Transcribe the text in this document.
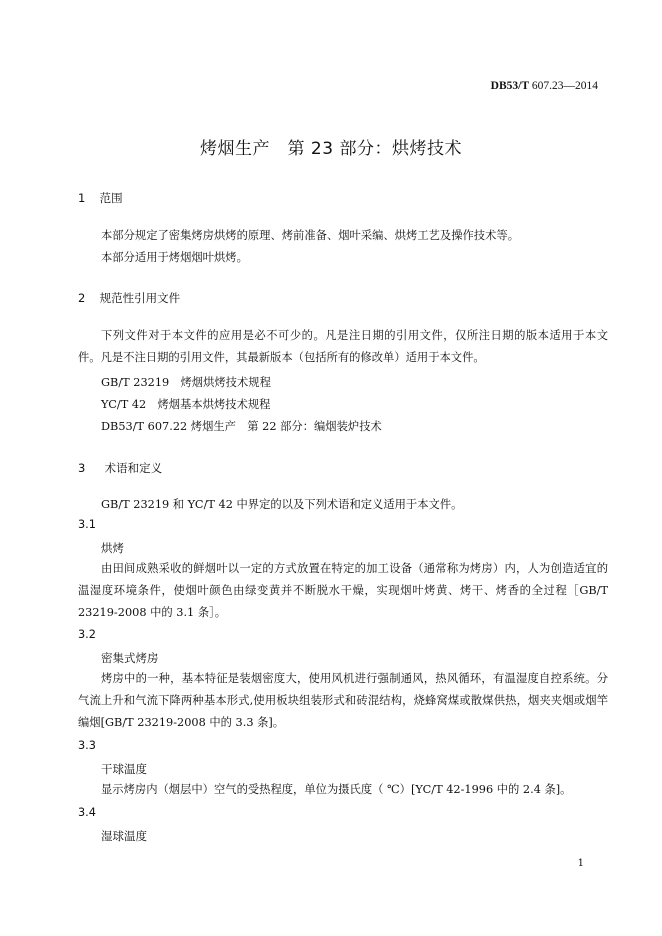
DB53/T 607.23—2014
烤烟生产　第 23 部分：烘烤技术
1 范围
本部分规定了密集烤房烘烤的原理、烤前准备、烟叶采编、烘烤工艺及操作技术等。
本部分适用于烤烟烟叶烘烤。
2 规范性引用文件
下列文件对于本文件的应用是必不可少的。凡是注日期的引用文件，仅所注日期的版本适用于本文件。凡是不注日期的引用文件，其最新版本（包括所有的修改单）适用于本文件。
GB/T 23219　烤烟烘烤技术规程
YC/T 42　烤烟基本烘烤技术规程
DB53/T 607.22 烤烟生产　第 22 部分：编烟装炉技术
3 术语和定义
GB/T 23219 和 YC/T 42 中界定的以及下列术语和定义适用于本文件。
3.1
烘烤
由田间成熟采收的鲜烟叶以一定的方式放置在特定的加工设备（通常称为烤房）内，人为创造适宜的温湿度环境条件，使烟叶颜色由绿变黄并不断脱水干燥，实现烟叶烤黄、烤干、烤香的全过程［GB/T 23219-2008 中的 3.1 条］。
3.2
密集式烤房
烤房中的一种，基本特征是装烟密度大，使用风机进行强制通风，热风循环，有温湿度自控系统。分气流上升和气流下降两种基本形式,使用板块组装形式和砖混结构，烧蜂窝煤或散煤供热，烟夹夹烟或烟竿编烟[GB/T 23219-2008 中的 3.3 条]。
3.3
干球温度
显示烤房内（烟层中）空气的受热程度，单位为摄氏度（ ℃）[YC/T 42-1996 中的 2.4 条]。
3.4
湿球温度
1
